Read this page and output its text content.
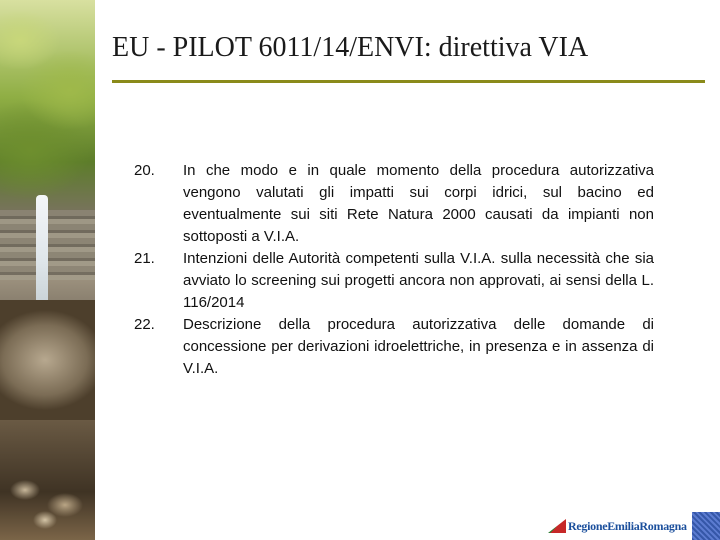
EU - PILOT 6011/14/ENVI: direttiva VIA
20.	In che modo e in quale momento della procedura autorizzativa vengono valutati gli impatti sui corpi idrici, sul bacino ed eventualmente sui siti Rete Natura 2000 causati da impianti non sottoposti a V.I.A.
21.	Intenzioni delle Autorità competenti sulla V.I.A. sulla necessità che sia avviato lo screening sui progetti ancora non approvati, ai sensi della L. 116/2014
22.	Descrizione della procedura autorizzativa delle domande di concessione per derivazioni idroelettriche, in presenza e in assenza di V.I.A.
RegioneEmiliaRomagna
